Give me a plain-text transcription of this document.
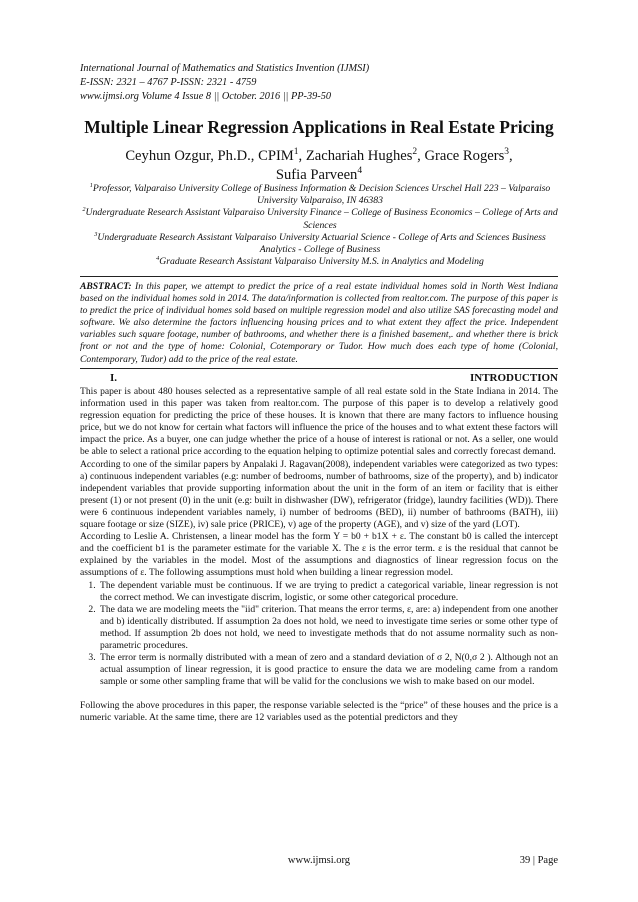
International Journal of Mathematics and Statistics Invention (IJMSI)
E-ISSN: 2321 – 4767 P-ISSN: 2321 - 4759
www.ijmsi.org Volume 4 Issue 8 || October. 2016 || PP-39-50
Multiple Linear Regression Applications in Real Estate Pricing
Ceyhun Ozgur, Ph.D., CPIM$^1$, Zachariah Hughes$^2$, Grace Rogers$^3$,
Sufia Parveen$^4$

$^1$Professor, Valparaiso University College of Business Information & Decision Sciences Urschel Hall 223 – Valparaiso University Valparaiso, IN 46383

$^2$Undergraduate Research Assistant Valparaiso University Finance – College of Business Economics – College of Arts and Sciences

$^3$Undergraduate Research Assistant Valparaiso University Actuarial Science - College of Arts and Sciences Business Analytics - College of Business

$^4$Graduate Research Assistant Valparaiso University M.S. in Analytics and Modeling

ABSTRACT: In this paper, we attempt to predict the price of a real estate individual homes sold in North West Indiana based on the individual homes sold in 2014. The data/information is collected from realtor.com. The purpose of this paper is to predict the price of individual homes sold based on multiple regression model and also utilize SAS forecasting model and software. We also determine the factors influencing housing prices and to what extent they affect the price. Independent variables such square footage, number of bathrooms, and whether there is a finished basement,. and whether there is brick front or not and the type of home: Colonial, Cotemporary or Tudor. How much does each type of home (Colonial, Contemporary, Tudor) add to the price of the real estate.

I.	INTRODUCTION

This paper is about 480 houses selected as a representative sample of all real estate sold in the State Indiana in 2014. The information used in this paper was taken from realtor.com. The purpose of this paper is to develop a relatively good regression equation for predicting the price of these houses. It is known that there are many factors to influence housing price, but we do not know for certain what factors will influence the price of the houses and to what extent these factors will impact the price. As a buyer, one can judge whether the price of a house of interest is rational or not. As a seller, one would be able to select a rational price according to the equation helping to optimize potential sales and correctly forecast demand.

According to one of the similar papers by Anpalaki J. Ragavan(2008), independent variables were categorized as two types: a) continuous independent variables (e.g: number of bedrooms, number of bathrooms, size of the property), and b) indicator independent variables that provide supporting information about the unit in the form of an item or facility that is either present (1) or not present (0) in the unit (e.g: built in dishwasher (DW), refrigerator (fridge), laundry facilities (WD)). There were 6 continuous independent variables namely, i) number of bedrooms (BED), ii) number of bathrooms (BATH), iii) square footage or size (SIZE), iv) sale price (PRICE), v) age of the property (AGE), and v) size of the yard (LOT).

According to Leslie A. Christensen, a linear model has the form Y = b0 + b1X + ε. The constant b0 is called the intercept and the coefficient b1 is the parameter estimate for the variable X. The ε is the error term. ε is the residual that cannot be explained by the variables in the model. Most of the assumptions and diagnostics of linear regression focus on the assumptions of ε. The following assumptions must hold when building a linear regression model.

1. The dependent variable must be continuous. If we are trying to predict a categorical variable, linear regression is not the correct method. We can investigate discrim, logistic, or some other categorical procedure.
2. The data we are modeling meets the "iid" criterion. That means the error terms, ε, are: a) independent from one another and b) identically distributed. If assumption 2a does not hold, we need to investigate time series or some other type of method. If assumption 2b does not hold, we need to investigate methods that do not assume normality such as non-parametric procedures.
3. The error term is normally distributed with a mean of zero and a standard deviation of σ 2, N(0,σ 2 ). Although not an actual assumption of linear regression, it is good practice to ensure the data we are modeling came from a random sample or some other sampling frame that will be valid for the conclusions we wish to make based on our model.

Following the above procedures in this paper, the response variable selected is the “price” of these houses and the price is a numeric variable. At the same time, there are 12 variables used as the potential predictors and they

www.ijmsi.org	39 | Page
